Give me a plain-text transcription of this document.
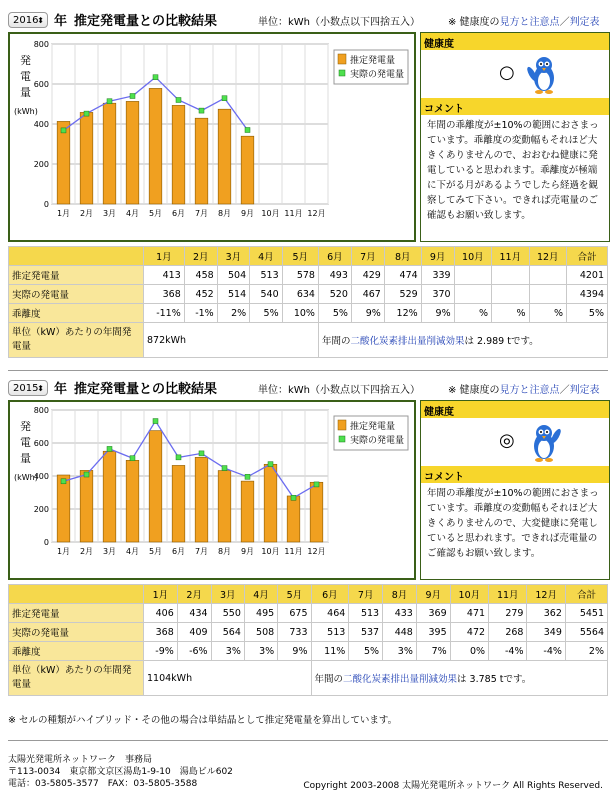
2016
⬍ 年 推定発電量との比較結果	単位：kWh（小数点以下四捨五入）	※ 健康度の見方と注意点／判定表
0
200
400
600
800
発
電
量
(kWh)
1月 2月 3月 4月 5月 6月 7月 8月 9月 10月 11月 12月
推定発電量
実際の発電量
健康度
○
コメント
年間の乖離度が±10%の範囲におさまっています。乖離度の変動幅もそれほど大きくありませんので、おおむね健康に発電していると思われます。乖離度が極端に下がる月があるようでしたら経過を観察してみて下さい。できれば売電量のご確認もお願い致します。
	1月	2月	3月	4月	5月	6月	7月	8月	9月	10月	11月	12月	合計
推定発電量	413	458	504	513	578	493	429	474	339				4201
実際の発電量	368	452	514	540	634	520	467	529	370				4394
乖離度	-11%	-1%	2%	5%	10%	5%	9%	12%	9%	%	%	%	5%
単位（kW）あたりの年間発電量	872kWh					年間の二酸化炭素排出量削減効果は 2.989 tです。							
2015
⬍ 年 推定発電量との比較結果	単位：kWh（小数点以下四捨五入）	※ 健康度の見方と注意点／判定表
0
200
400
600
800
発
電
量
(kWh)
1月 2月 3月 4月 5月 6月 7月 8月 9月 10月 11月 12月
推定発電量
実際の発電量
健康度
◎
コメント
年間の乖離度が±10%の範囲におさまっています。乖離度の変動幅もそれほど大きくありませんので、大変健康に発電していると思われます。できれば売電量のご確認もお願い致します。
	1月	2月	3月	4月	5月	6月	7月	8月	9月	10月	11月	12月	合計
推定発電量	406	434	550	495	675	464	513	433	369	471	279	362	5451
実際の発電量	368	409	564	508	733	513	537	448	395	472	268	349	5564
乖離度	-9%	-6%	3%	3%	9%	11%	5%	3%	7%	0%	-4%	-4%	2%
単位（kW）あたりの年間発電量	1104kWh					年間の二酸化炭素排出量削減効果は 3.785 tです。							
※ セルの種類がハイブリッド・その他の場合は単結晶として推定発電量を算出しています。
太陽光発電所ネットワーク　事務局
〒113-0034　東京都文京区湯島1-9-10　湯島ビル602
電話：03-5805-3577　FAX：03-5805-3588	Copyright 2003-2008 太陽光発電所ネットワーク All Rights Reserved.
